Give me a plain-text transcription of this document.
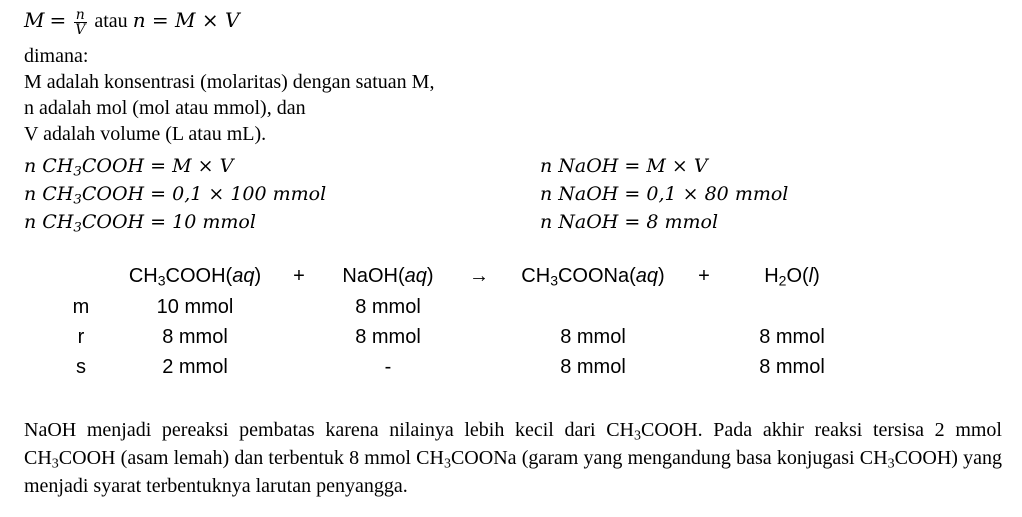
$M = \frac{n}{V}$ atau n = M × V
dimana:
M adalah konsentrasi (molaritas) dengan satuan M,
n adalah mol (mol atau mmol), dan
V adalah volume (L atau mL).
n $CH_3COOH = M \times V$
n $CH_3COOH = 0,1 \times 100$ mmol
n $CH_3COOH = 10$ mmol
n NaOH = M × V
n NaOH = 0,1 × 80 mmol
n NaOH = 8 mmol
$CH_3COOH(aq)$ + NaOH(aq) → $CH_3COONa(aq)$ +	$H_2O(l)$
m	10 mmol	8 mmol
r	8 mmol	8 mmol	8 mmol	8 mmol
s	2 mmol	-	8 mmol	8 mmol
NaOH menjadi pereaksi pembatas karena nilainya lebih kecil dari $CH_3COOH$. Pada akhir reaksi tersisa 2 mmol $CH_3COOH$ (asam lemah) dan terbentuk 8 mmol $CH_3COONa$ (garam yang mengandung basa konjugasi $CH_3COOH$) yang menjadi syarat terbentuknya larutan penyangga.
